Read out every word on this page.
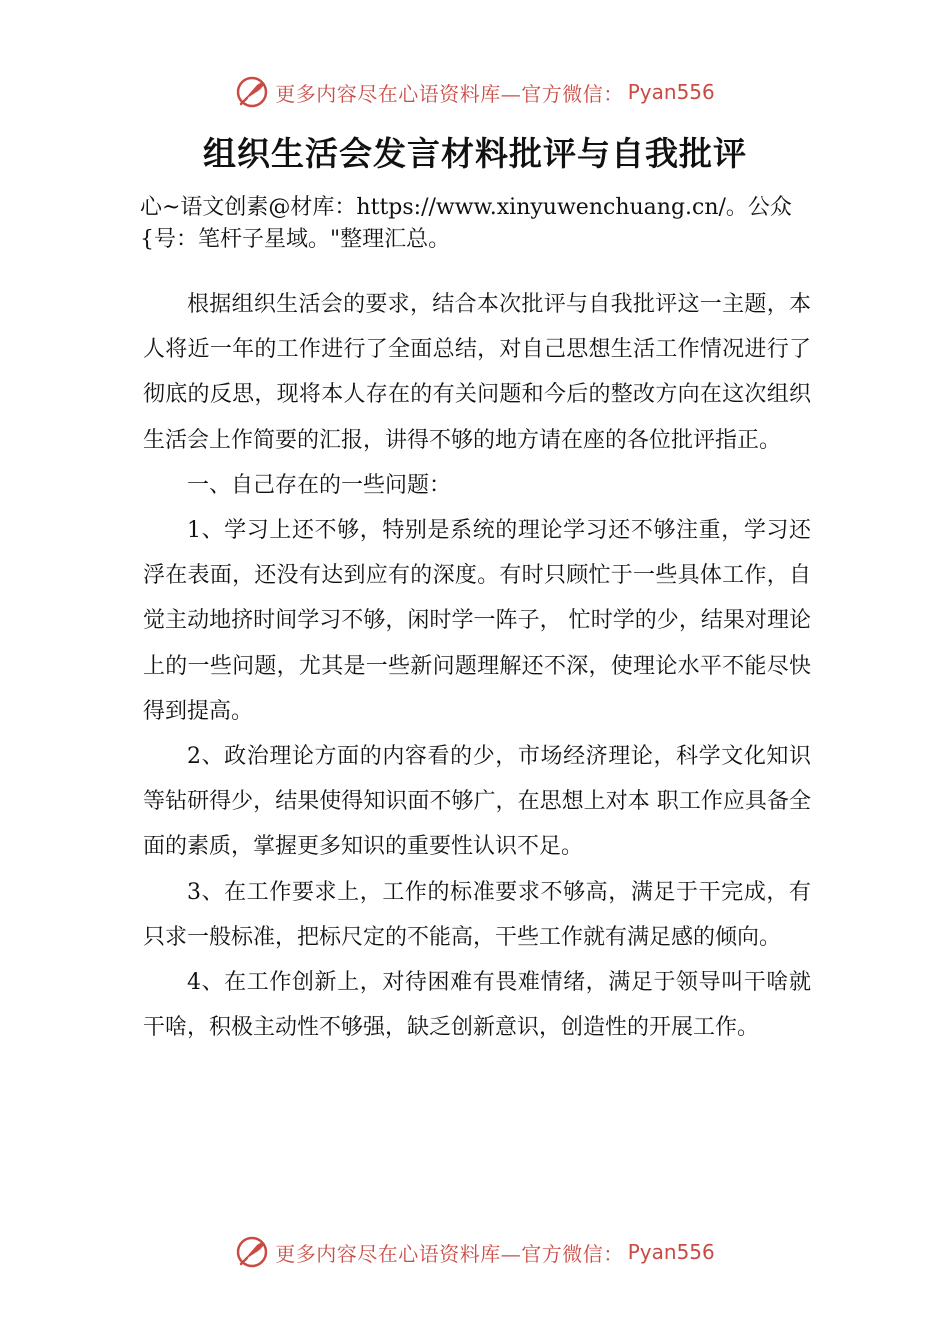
更多内容尽在心语资料库—官方微信： Pyan556
组织生活会发言材料批评与自我批评
心~语文创素@材库：https://www.xinyuwenchuang.cn/。公众{号：笔杆子星域。"整理汇总。

根据组织生活会的要求，结合本次批评与自我批评这一主题，本人将近一年的工作进行了全面总结，对自己思想生活工作情况进行了彻底的反思，现将本人存在的有关问题和今后的整改方向在这次组织生活会上作简要的汇报，讲得不够的地方请在座的各位批评指正。

一、自己存在的一些问题：

1、学习上还不够，特别是系统的理论学习还不够注重，学习还浮在表面，还没有达到应有的深度。有时只顾忙于一些具体工作，自觉主动地挤时间学习不够，闲时学一阵子， 忙时学的少，结果对理论上的一些问题，尤其是一些新问题理解还不深，使理论水平不能尽快得到提高。

2、政治理论方面的内容看的少，市场经济理论，科学文化知识等钻研得少，结果使得知识面不够广，在思想上对本 职工作应具备全面的素质，掌握更多知识的重要性认识不足。

3、在工作要求上，工作的标准要求不够高，满足于干完成，有只求一般标准，把标尺定的不能高，干些工作就有满足感的倾向。

4、在工作创新上，对待困难有畏难情绪，满足于领导叫干啥就干啥，积极主动性不够强，缺乏创新意识，创造性的开展工作。

更多内容尽在心语资料库—官方微信： Pyan556
